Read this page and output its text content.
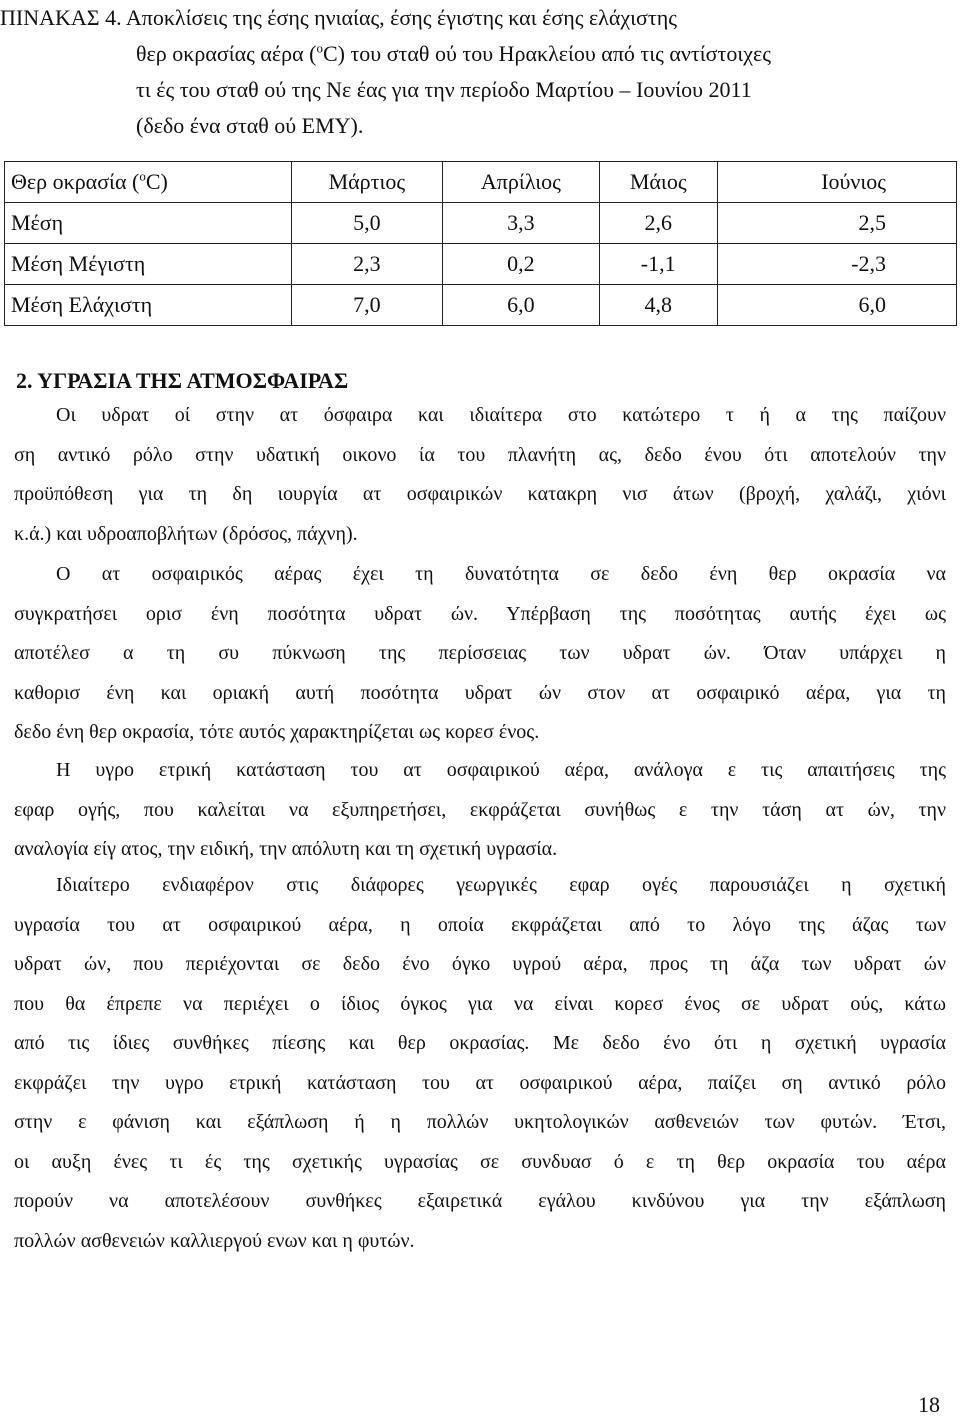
ΠΙΝΑΚΑΣ 4. Αποκλίσεις της έσης ηνιαίας, έσης έγιστης και έσης ελάχιστης
θερ οκρασίας αέρα ($^o$C) του σταθ ού του Ηρακλείου από τις αντίστοιχες
τι ές του σταθ ού της Νε έας για την περίοδο Μαρτίου – Ιουνίου 2011
(δεδο ένα σταθ ού ΕΜΥ).
Θερ οκρασία ($^o$C)	Μάρτιος	Απρίλιος	Μάιος	Ιούνιος
Μέση	5,0	3,3	2,6	2,5
Μέση Μέγιστη	2,3	0,2	-1,1	-2,3
Μέση Ελάχιστη	7,0	6,0	4,8	6,0
2. ΥΓΡΑΣΙΑ ΤΗΣ ΑΤΜΟΣΦΑΙΡΑΣ
Οι υδρατ οί στην ατ όσφαιρα και ιδιαίτερα στο κατώτερο τ ή α της παίζουν
ση αντικό ρόλο στην υδατική οικονο ία του πλανήτη ας, δεδο ένου ότι αποτελούν την
προϋπόθεση για τη δη ιουργία ατ οσφαιρικών κατακρη νισ άτων (βροχή, χαλάζι, χιόνι
κ.ά.) και υδροαποβλήτων (δρόσος, πάχνη).
Ο ατ οσφαιρικός αέρας έχει τη δυνατότητα σε δεδο ένη θερ οκρασία να
συγκρατήσει ορισ ένη ποσότητα υδρατ ών. Υπέρβαση της ποσότητας αυτής έχει ως
αποτέλεσ α τη συ πύκνωση της περίσσειας των υδρατ ών. Όταν υπάρχει η
καθορισ ένη και οριακή αυτή ποσότητα υδρατ ών στον ατ οσφαιρικό αέρα, για τη
δεδο ένη θερ οκρασία, τότε αυτός χαρακτηρίζεται ως κορεσ ένος.
Η υγρο ετρική κατάσταση του ατ οσφαιρικού αέρα, ανάλογα ε τις απαιτήσεις της
εφαρ ογής, που καλείται να εξυπηρετήσει, εκφράζεται συνήθως ε την τάση ατ ών, την
αναλογία είγ ατος, την ειδική, την απόλυτη και τη σχετική υγρασία.
Ιδιαίτερο ενδιαφέρον στις διάφορες γεωργικές εφαρ ογές παρουσιάζει η σχετική
υγρασία του ατ οσφαιρικού αέρα, η οποία εκφράζεται από το λόγο της άζας των
υδρατ ών, που περιέχονται σε δεδο ένο όγκο υγρού αέρα, προς τη άζα των υδρατ ών
που θα έπρεπε να περιέχει ο ίδιος όγκος για να είναι κορεσ ένος σε υδρατ ούς, κάτω
από τις ίδιες συνθήκες πίεσης και θερ οκρασίας. Με δεδο ένο ότι η σχετική υγρασία
εκφράζει την υγρο ετρική κατάσταση του ατ οσφαιρικού αέρα, παίζει ση αντικό ρόλο
στην ε φάνιση και εξάπλωση ή η πολλών υκητολογικών ασθενειών των φυτών. Έτσι,
οι αυξη ένες τι ές της σχετικής υγρασίας σε συνδυασ ό ε τη θερ οκρασία του αέρα
πορούν να αποτελέσουν συνθήκες εξαιρετικά εγάλου κινδύνου για την εξάπλωση
πολλών ασθενειών καλλιεργού ενων και η φυτών.
18
